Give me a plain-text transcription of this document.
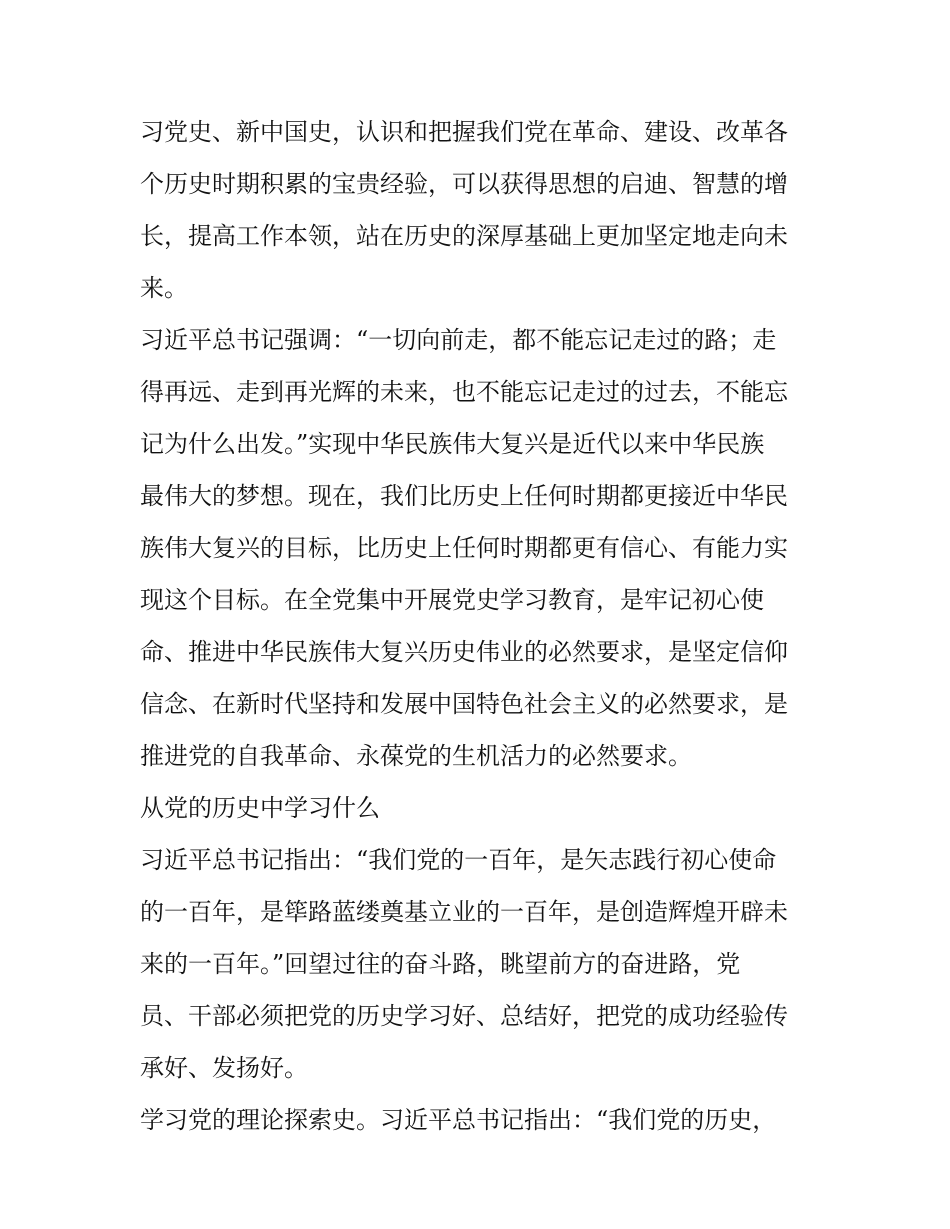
习党史、新中国史，认识和把握我们党在革命、建设、改革各
个历史时期积累的宝贵经验，可以获得思想的启迪、智慧的增
长，提高工作本领，站在历史的深厚基础上更加坚定地走向未
来。
习近平总书记强调：“一切向前走，都不能忘记走过的路；走
得再远、走到再光辉的未来，也不能忘记走过的过去，不能忘
记为什么出发。”实现中华民族伟大复兴是近代以来中华民族
最伟大的梦想。现在，我们比历史上任何时期都更接近中华民
族伟大复兴的目标，比历史上任何时期都更有信心、有能力实
现这个目标。在全党集中开展党史学习教育，是牢记初心使
命、推进中华民族伟大复兴历史伟业的必然要求，是坚定信仰
信念、在新时代坚持和发展中国特色社会主义的必然要求，是
推进党的自我革命、永葆党的生机活力的必然要求。
从党的历史中学习什么
习近平总书记指出：“我们党的一百年，是矢志践行初心使命
的一百年，是筚路蓝缕奠基立业的一百年，是创造辉煌开辟未
来的一百年。”回望过往的奋斗路，眺望前方的奋进路，党
员、干部必须把党的历史学习好、总结好，把党的成功经验传
承好、发扬好。
学习党的理论探索史。习近平总书记指出：“我们党的历史，
